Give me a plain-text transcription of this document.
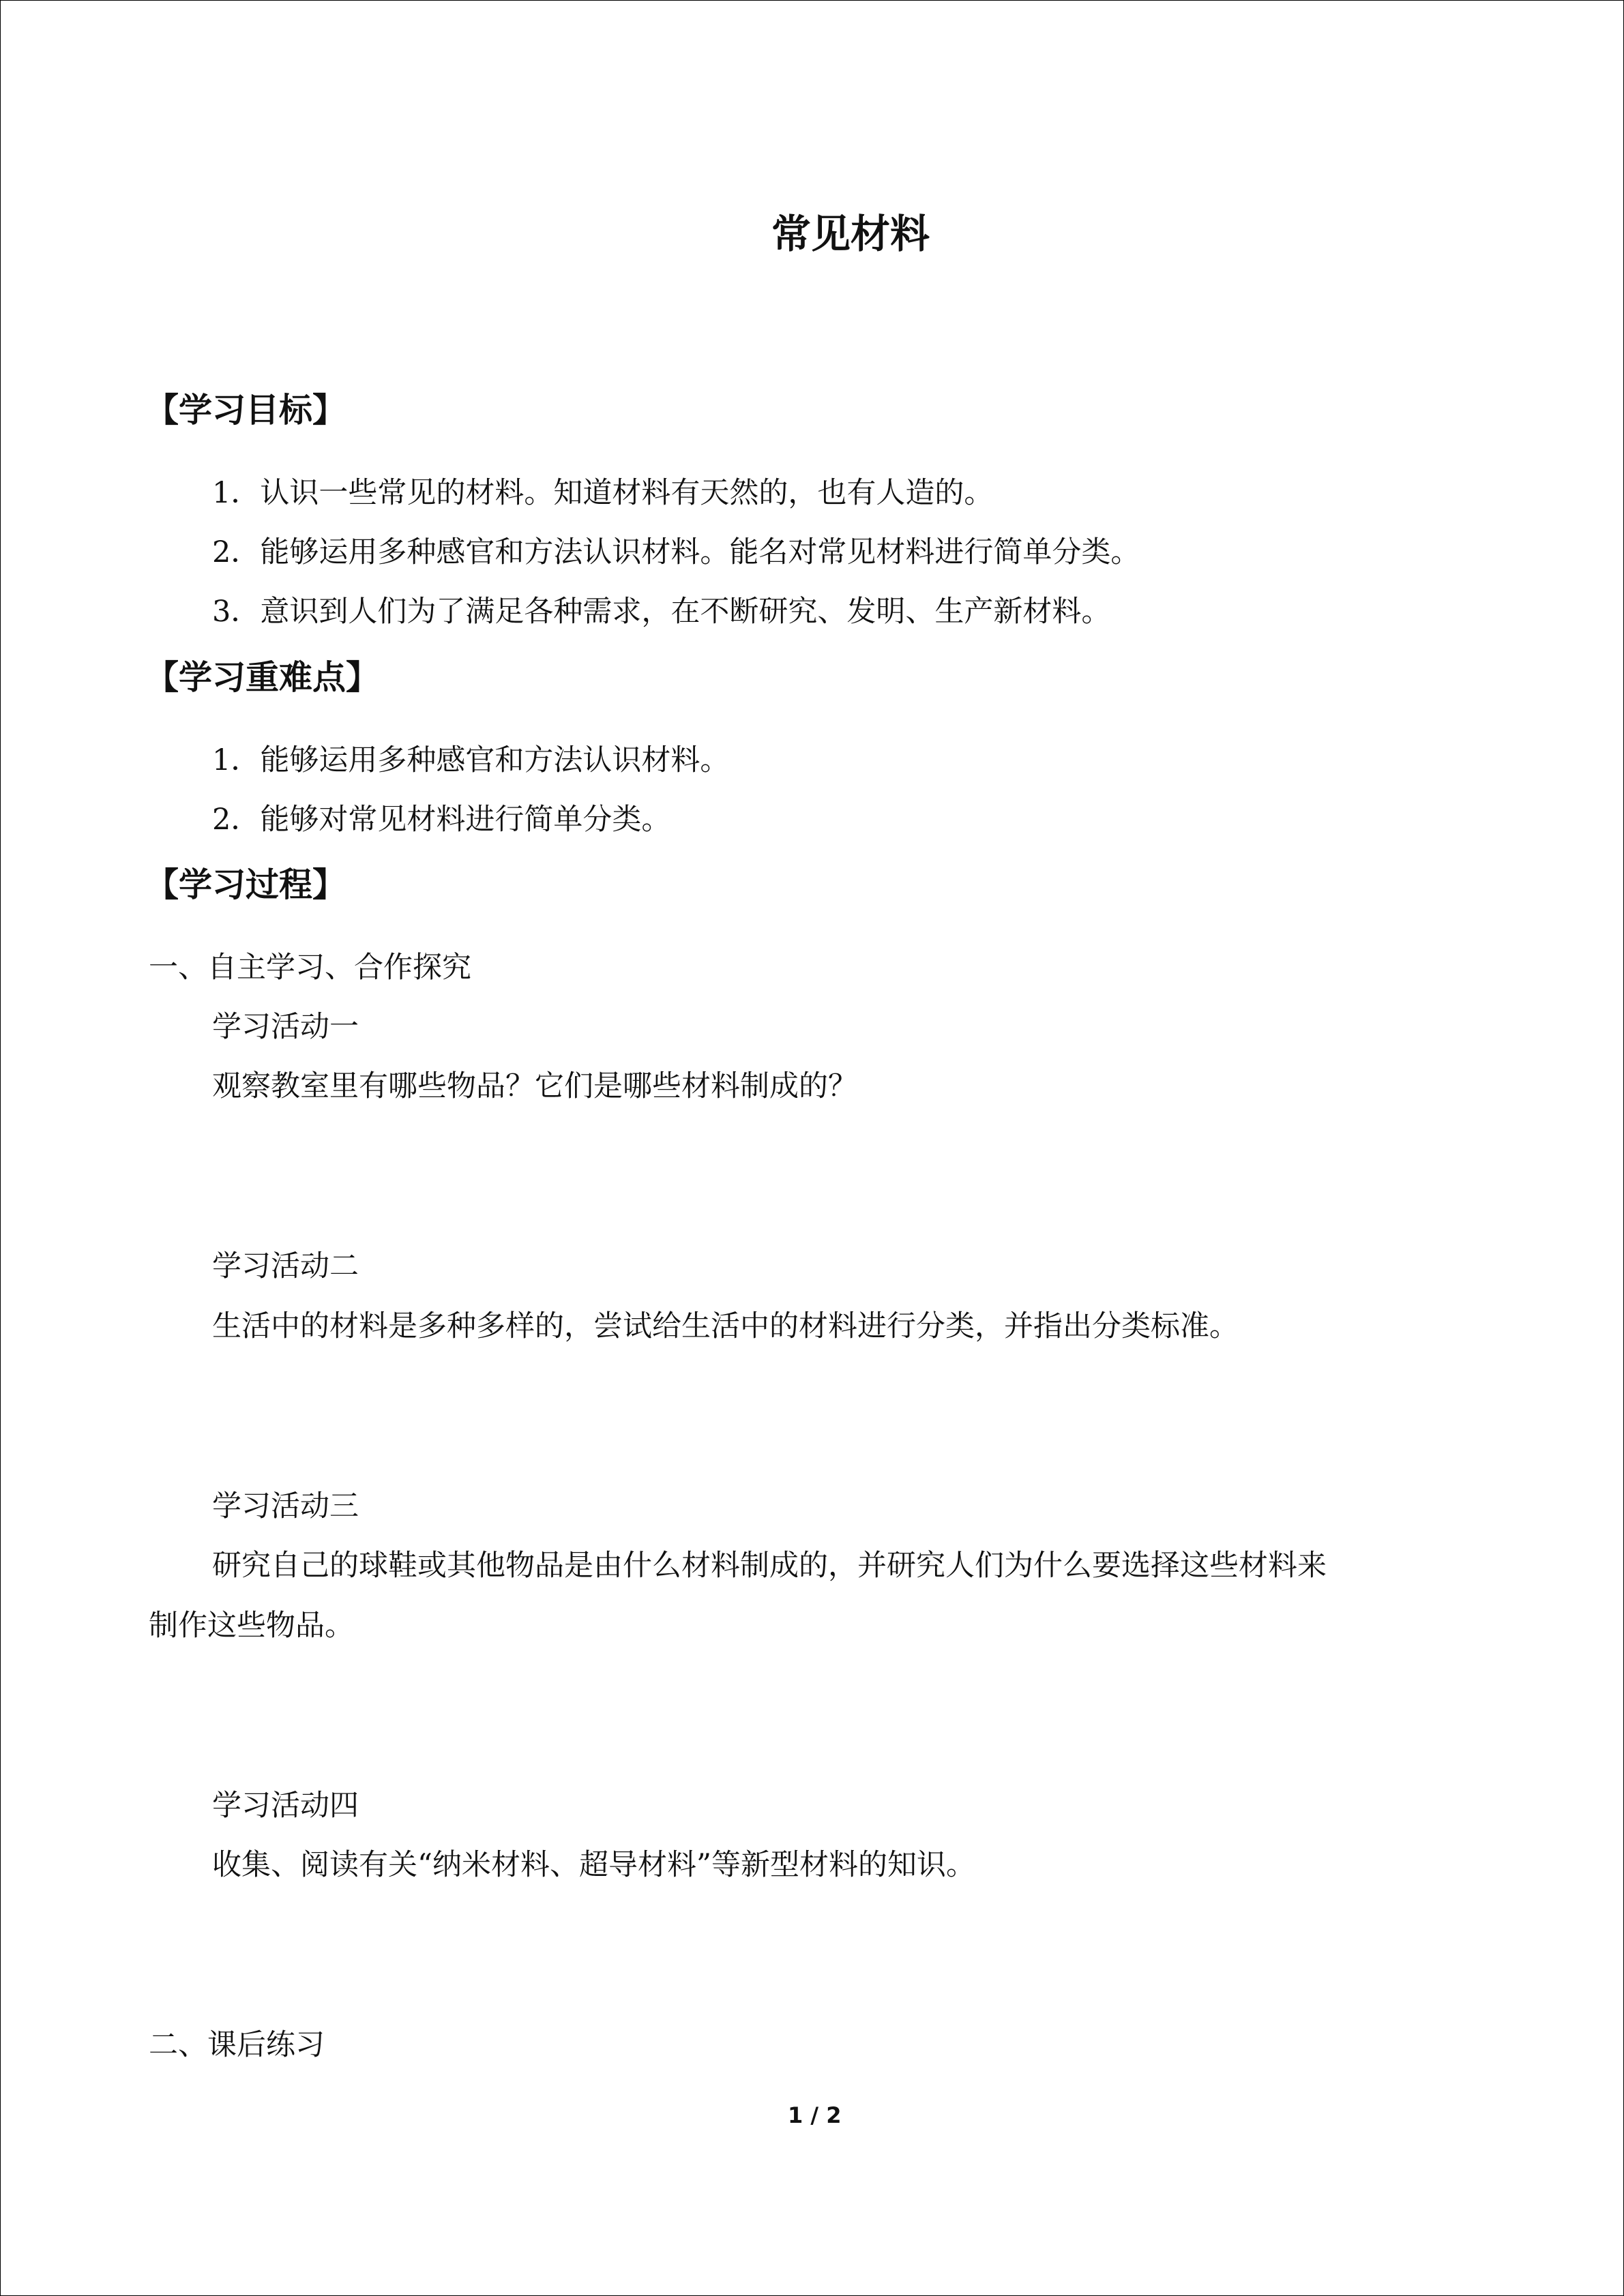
常见材料
【学习目标】
1．认识一些常见的材料。知道材料有天然的，也有人造的。
2．能够运用多种感官和方法认识材料。能名对常见材料进行简单分类。
3．意识到人们为了满足各种需求，在不断研究、发明、生产新材料。
【学习重难点】
1．能够运用多种感官和方法认识材料。
2．能够对常见材料进行简单分类。
【学习过程】
一、自主学习、合作探究
学习活动一
观察教室里有哪些物品？它们是哪些材料制成的？
学习活动二
生活中的材料是多种多样的，尝试给生活中的材料进行分类，并指出分类标准。
学习活动三
研究自己的球鞋或其他物品是由什么材料制成的，并研究人们为什么要选择这些材料来
制作这些物品。
学习活动四
收集、阅读有关“纳米材料、超导材料”等新型材料的知识。
二、课后练习
1 / 2
